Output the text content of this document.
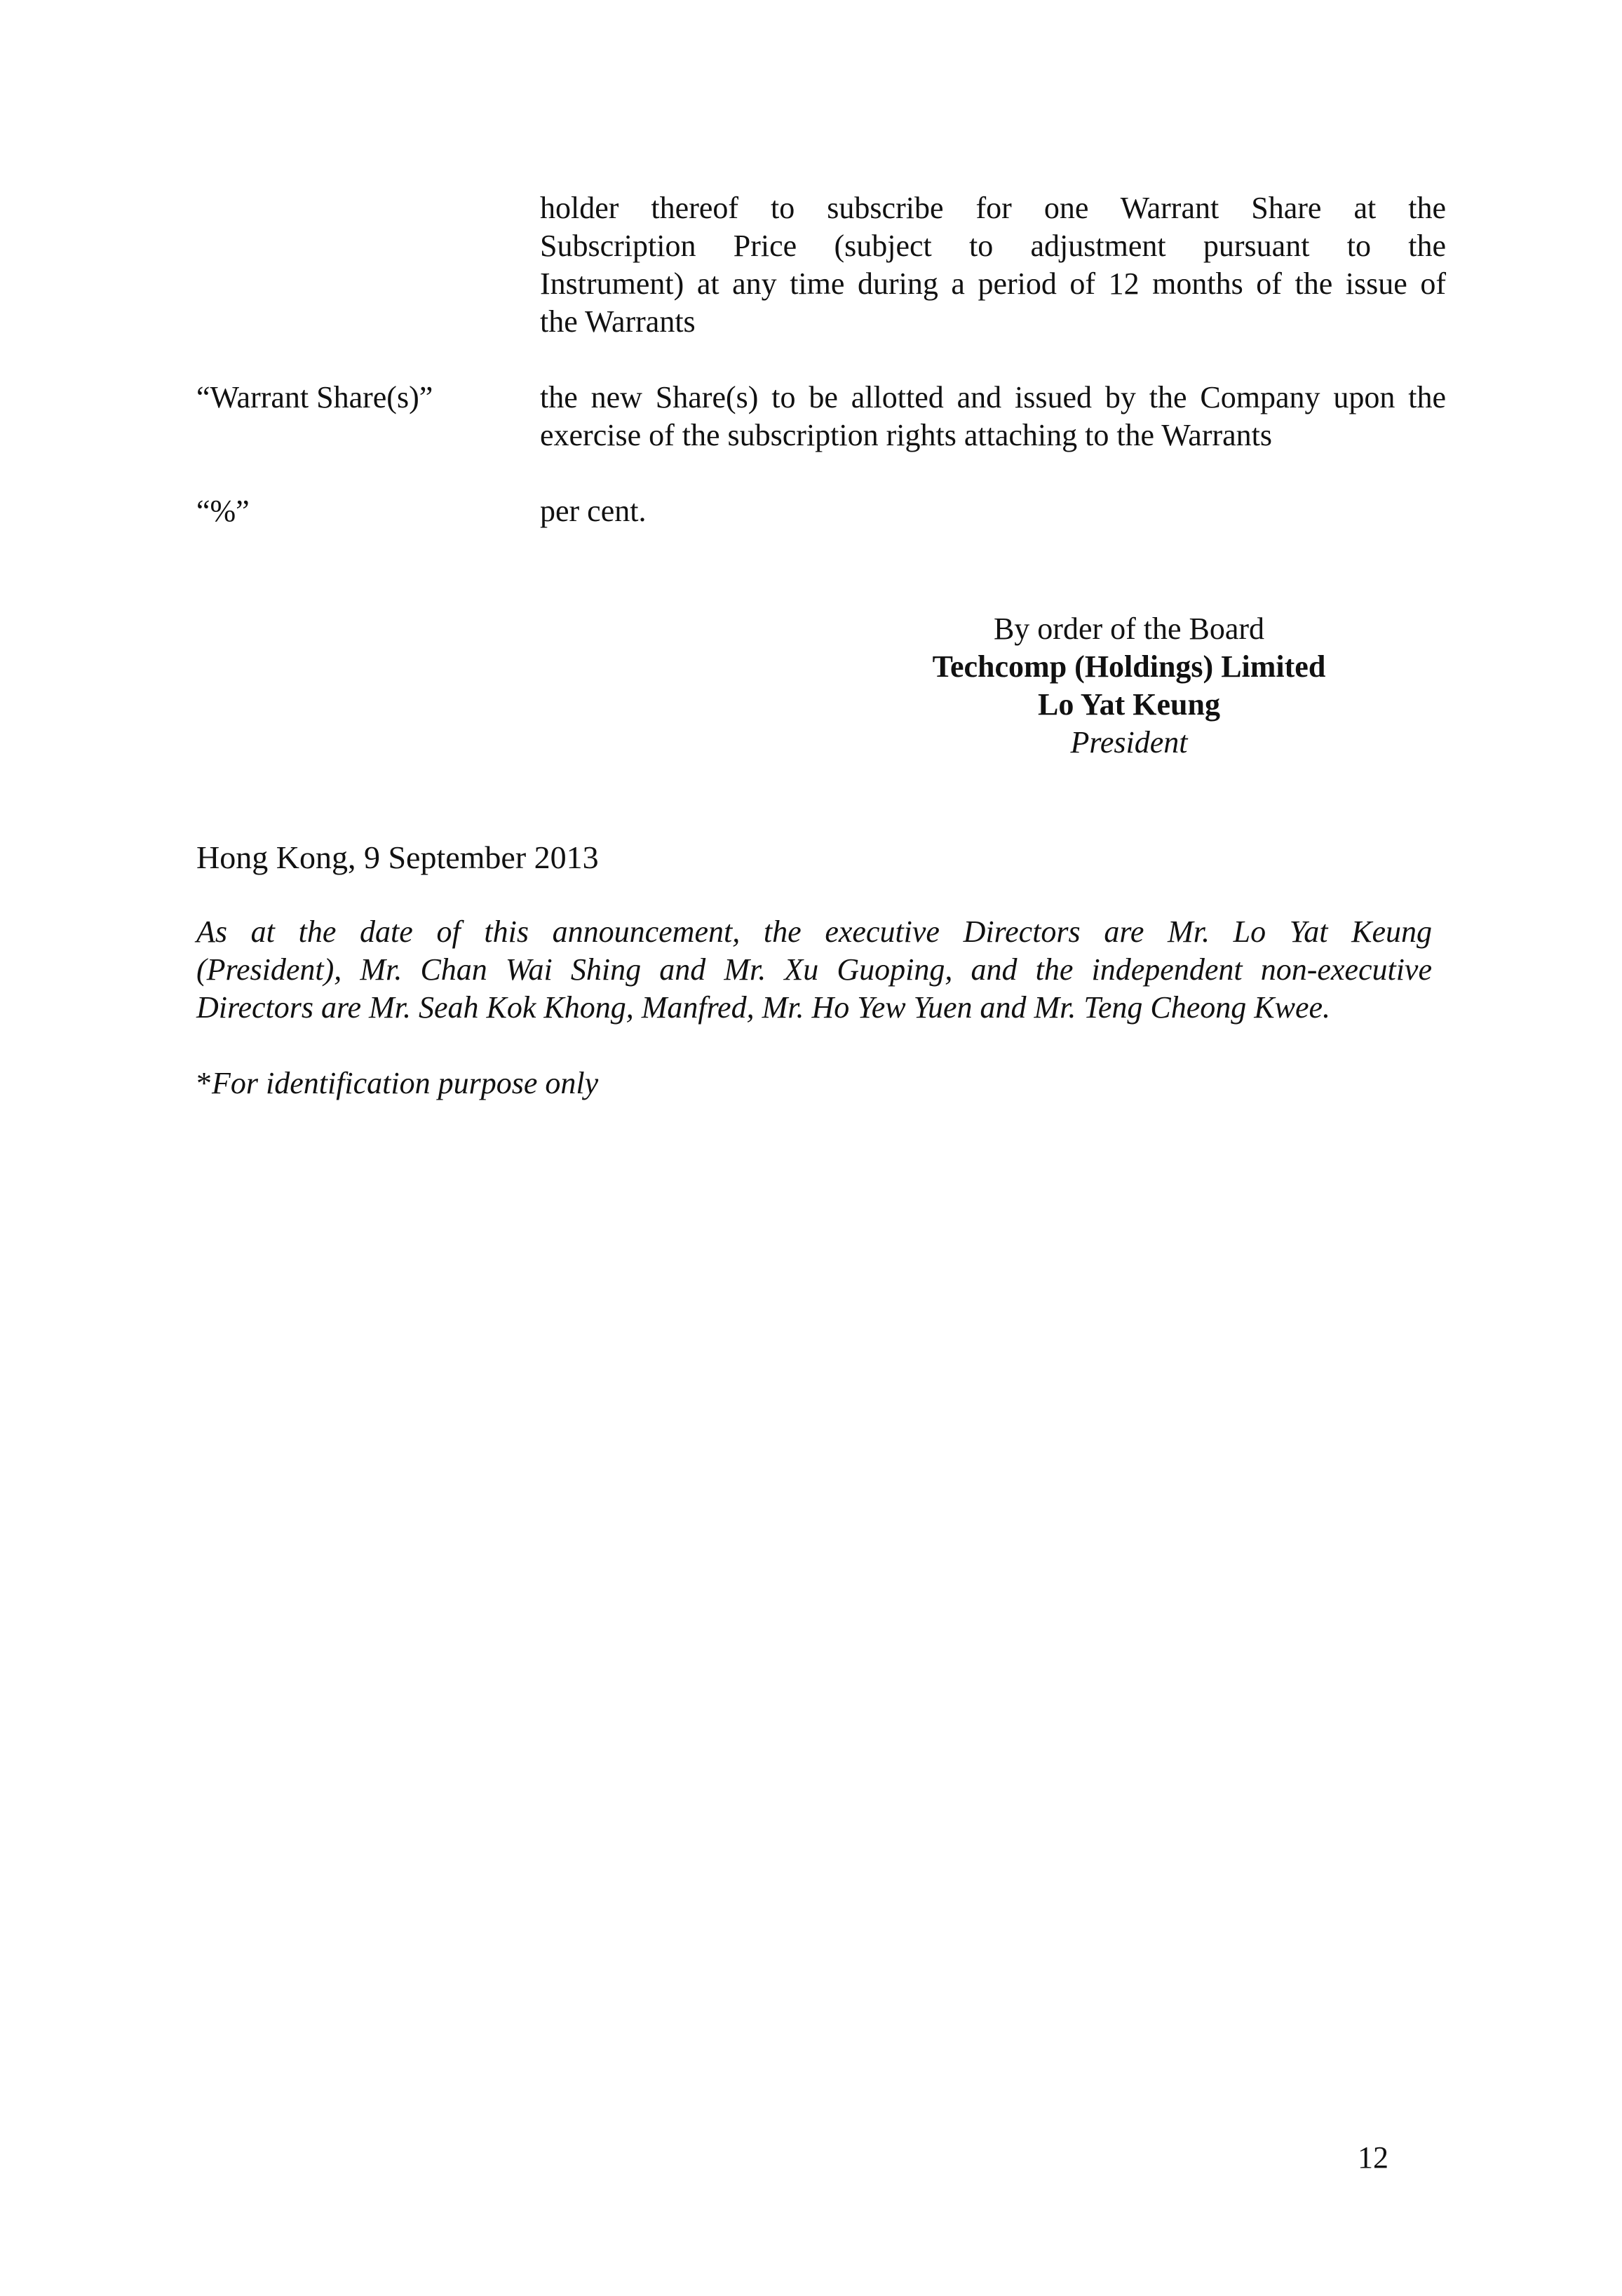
holder thereof to subscribe for one Warrant Share at the
Subscription Price (subject to adjustment pursuant to the
Instrument) at any time during a period of 12 months of the issue of
the Warrants
“Warrant Share(s)”	the new Share(s) to be allotted and issued by the Company upon the
exercise of the subscription rights attaching to the Warrants
“%”	per cent.
By order of the Board
Techcomp (Holdings) Limited
Lo Yat Keung
President
Hong Kong, 9 September 2013
As at the date of this announcement, the executive Directors are Mr. Lo Yat Keung
(President), Mr. Chan Wai Shing and Mr. Xu Guoping, and the independent non-executive
Directors are Mr. Seah Kok Khong, Manfred, Mr. Ho Yew Yuen and Mr. Teng Cheong Kwee.
*For identification purpose only
12
